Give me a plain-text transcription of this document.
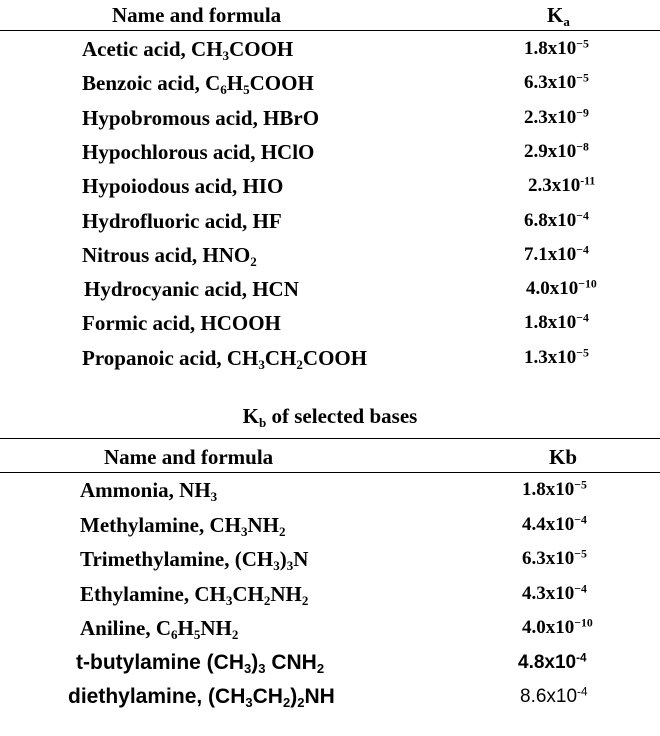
Name and formula	$K_a$
Acetic acid, $CH_3COOH$	$1.8x10^{-5}$
Benzoic acid, $C_6H_5COOH$	$6.3x10^{-5}$
Hypobromous acid, HBrO	$2.3x10^{-9}$
Hypochlorous acid, HClO	$2.9x10^{-8}$
Hypoiodous acid, HIO	$2.3x10^{-11}$
Hydrofluoric acid, HF	$6.8x10^{-4}$
Nitrous acid, $HNO_2$	$7.1x10^{-4}$
Hydrocyanic acid, HCN	$4.0x10^{-10}$
Formic acid, HCOOH	$1.8x10^{-4}$
Propanoic acid, $CH_3CH_2COOH$	$1.3x10^{-5}$
$K_b$ of selected bases
Name and formula	Kb
Ammonia, $NH_3$	$1.8x10^{-5}$
Methylamine, $CH_3NH_2$	$4.4x10^{-4}$
Trimethylamine, $(CH_3)_3N$	$6.3x10^{-5}$
Ethylamine, $CH_3CH_2NH_2$	$4.3x10^{-4}$
Aniline, $C_6H_5NH_2$	$4.0x10^{-10}$
t-butylamine $(CH_3)_3$ $CNH_2$	$4.8x10^{-4}$
diethylamine, $(CH_3CH_2)_2NH$	$8.6x10^{-4}$
